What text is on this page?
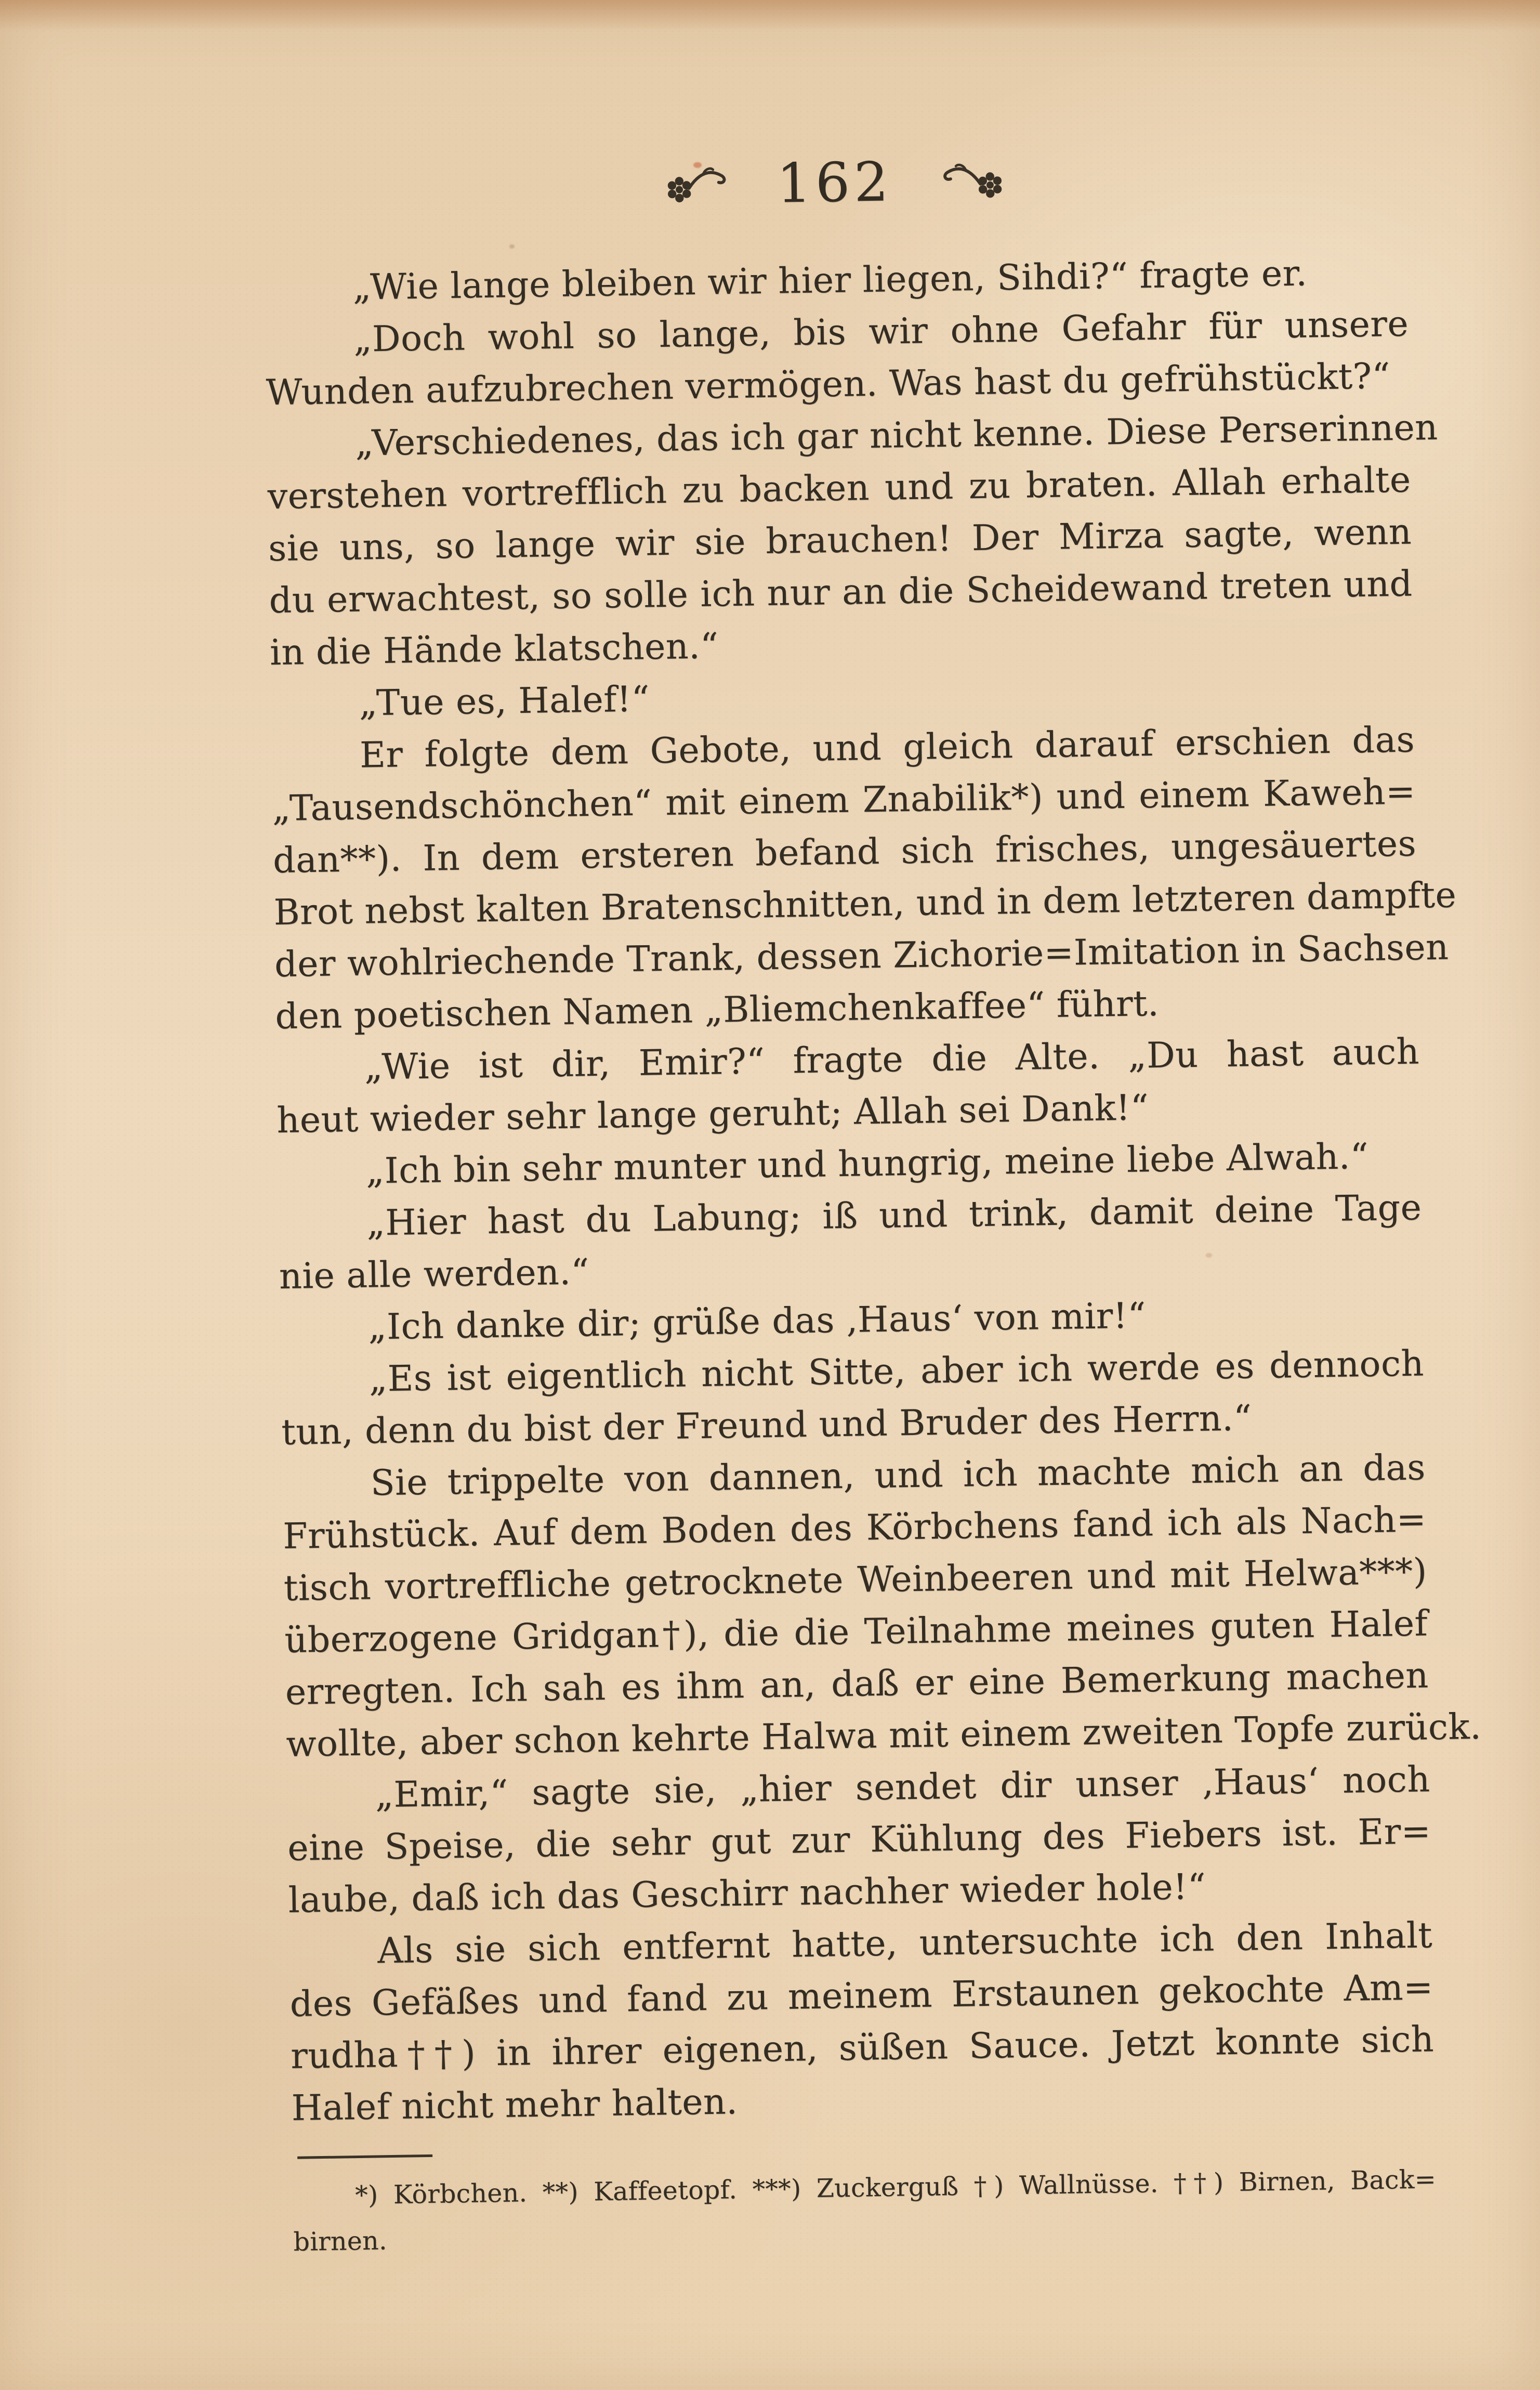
162
„Wie lange bleiben wir hier liegen, Sihdi?“ fragte er.
„Doch wohl so lange, bis wir ohne Gefahr für unsere
Wunden aufzubrechen vermögen. Was hast du gefrühstückt?“
„Verschiedenes, das ich gar nicht kenne. Diese Perserinnen
verstehen vortrefflich zu backen und zu braten. Allah erhalte
sie uns, so lange wir sie brauchen! Der Mirza sagte, wenn
du erwachtest, so solle ich nur an die Scheidewand treten und
in die Hände klatschen.“
„Tue es, Halef!“
Er folgte dem Gebote, und gleich darauf erschien das
„Tausendschönchen“ mit einem Znabilik*) und einem Kaweh=
dan**). In dem ersteren befand sich frisches, ungesäuertes
Brot nebst kalten Bratenschnitten, und in dem letzteren dampfte
der wohlriechende Trank, dessen Zichorie=Imitation in Sachsen
den poetischen Namen „Bliemchenkaffee“ führt.
„Wie ist dir, Emir?“ fragte die Alte. „Du hast auch
heut wieder sehr lange geruht; Allah sei Dank!“
„Ich bin sehr munter und hungrig, meine liebe Alwah.“
„Hier hast du Labung; iß und trink, damit deine Tage
nie alle werden.“
„Ich danke dir; grüße das ‚Haus‘ von mir!“
„Es ist eigentlich nicht Sitte, aber ich werde es dennoch
tun, denn du bist der Freund und Bruder des Herrn.“
Sie trippelte von dannen, und ich machte mich an das
Frühstück. Auf dem Boden des Körbchens fand ich als Nach=
tisch vortreffliche getrocknete Weinbeeren und mit Helwa***)
überzogene Gridgan†), die die Teilnahme meines guten Halef
erregten. Ich sah es ihm an, daß er eine Bemerkung machen
wollte, aber schon kehrte Halwa mit einem zweiten Topfe zurück.
„Emir,“ sagte sie, „hier sendet dir unser ‚Haus‘ noch
eine Speise, die sehr gut zur Kühlung des Fiebers ist. Er=
laube, daß ich das Geschirr nachher wieder hole!“
Als sie sich entfernt hatte, untersuchte ich den Inhalt
des Gefäßes und fand zu meinem Erstaunen gekochte Am=
rudha††) in ihrer eigenen, süßen Sauce. Jetzt konnte sich
Halef nicht mehr halten.
*) Körbchen. **) Kaffeetopf. ***) Zuckerguß †) Wallnüsse. ††) Birnen, Back=
birnen.
